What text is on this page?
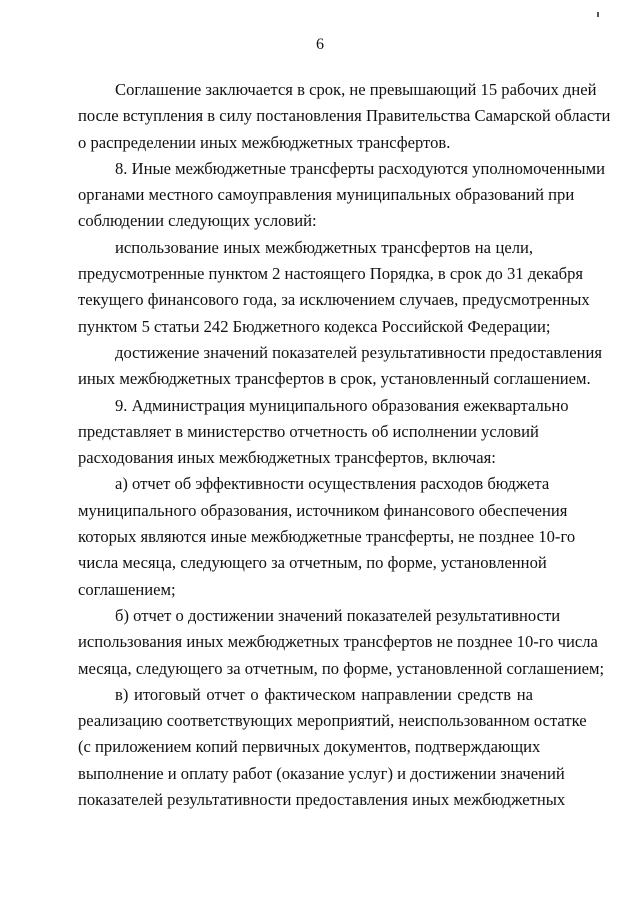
6
Соглашение заключается в срок, не превышающий 15 рабочих дней
после вступления в силу постановления Правительства Самарской области
о распределении иных межбюджетных трансфертов.
8. Иные межбюджетные трансферты расходуются уполномоченными
органами местного самоуправления муниципальных образований при
соблюдении следующих условий:
использование иных межбюджетных трансфертов на цели,
предусмотренные пунктом 2 настоящего Порядка, в срок до 31 декабря
текущего финансового года, за исключением случаев, предусмотренных
пунктом 5 статьи 242 Бюджетного кодекса Российской Федерации;
достижение значений показателей результативности предоставления
иных межбюджетных трансфертов в срок, установленный соглашением.
9. Администрация муниципального образования ежеквартально
представляет в министерство отчетность об исполнении условий
расходования иных межбюджетных трансфертов, включая:
а) отчет об эффективности осуществления расходов бюджета
муниципального образования, источником финансового обеспечения
которых являются иные межбюджетные трансферты, не позднее 10-го
числа месяца, следующего за отчетным, по форме, установленной
соглашением;
б) отчет о достижении значений показателей результативности
использования иных межбюджетных трансфертов не позднее 10-го числа
месяца, следующего за отчетным, по форме, установленной соглашением;
в) итоговый отчет о фактическом направлении средств на
реализацию соответствующих мероприятий, неиспользованном остатке
(с приложением копий первичных документов, подтверждающих
выполнение и оплату работ (оказание услуг) и достижении значений
показателей результативности предоставления иных межбюджетных
